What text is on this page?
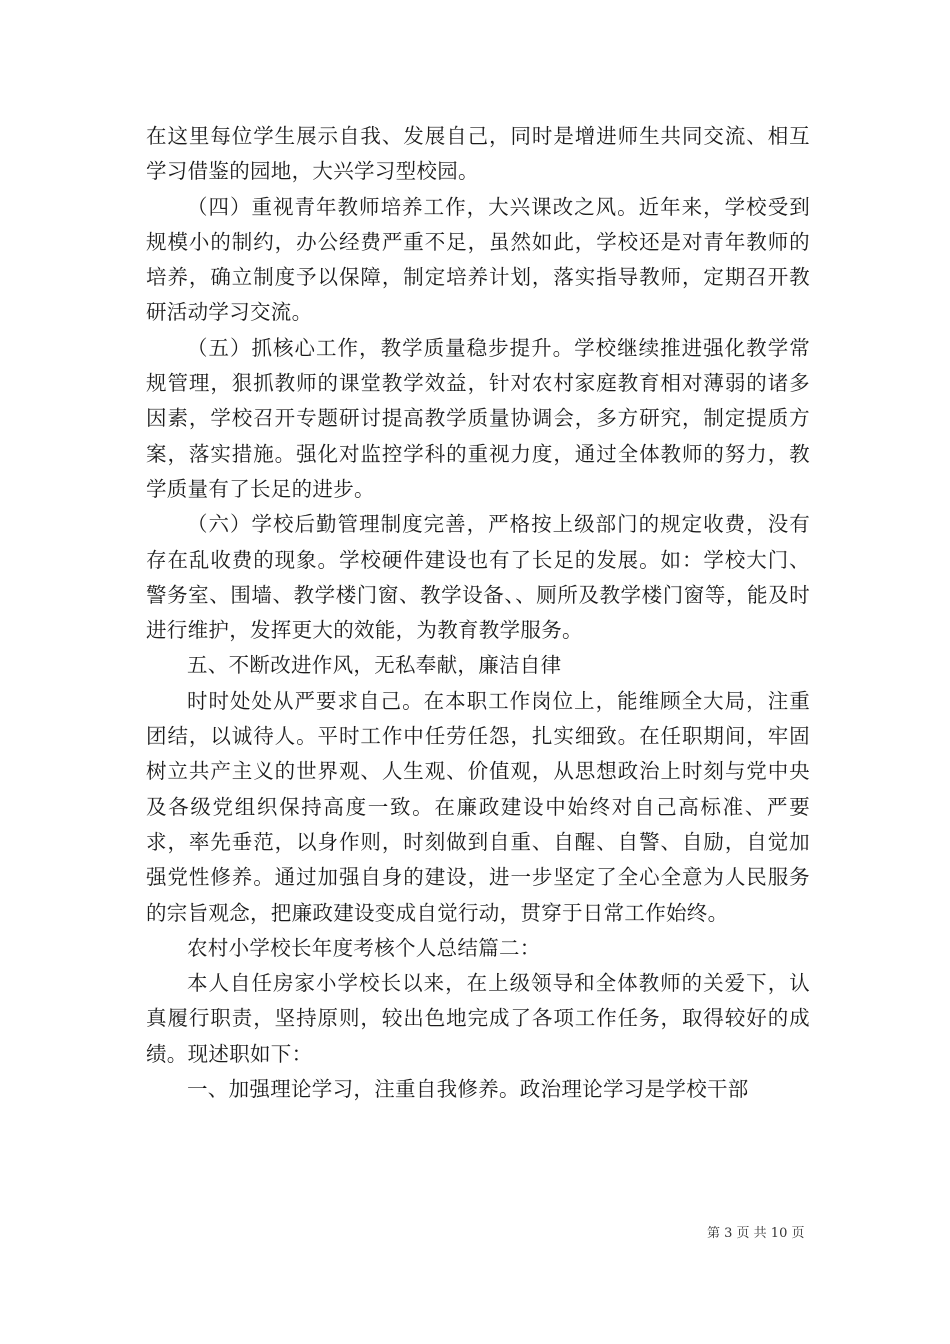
在这里每位学生展示自我、发展自己，同时是增进师生共同交流、相互学习借鉴的园地，大兴学习型校园。

（四）重视青年教师培养工作，大兴课改之风。近年来，学校受到规模小的制约，办公经费严重不足，虽然如此，学校还是对青年教师的培养，确立制度予以保障，制定培养计划，落实指导教师，定期召开教研活动学习交流。

（五）抓核心工作，教学质量稳步提升。学校继续推进强化教学常规管理，狠抓教师的课堂教学效益，针对农村家庭教育相对薄弱的诸多因素，学校召开专题研讨提高教学质量协调会，多方研究，制定提质方案，落实措施。强化对监控学科的重视力度，通过全体教师的努力，教学质量有了长足的进步。

（六）学校后勤管理制度完善，严格按上级部门的规定收费，没有存在乱收费的现象。学校硬件建设也有了长足的发展。如：学校大门、警务室、围墙、教学楼门窗、教学设备、、厕所及教学楼门窗等，能及时进行维护，发挥更大的效能，为教育教学服务。

五、不断改进作风，无私奉献，廉洁自律

时时处处从严要求自己。在本职工作岗位上，能维顾全大局，注重团结，以诚待人。平时工作中任劳任怨，扎实细致。在任职期间，牢固树立共产主义的世界观、人生观、价值观，从思想政治上时刻与党中央及各级党组织保持高度一致。在廉政建设中始终对自己高标准、严要求，率先垂范，以身作则，时刻做到自重、自醒、自警、自励，自觉加强党性修养。通过加强自身的建设，进一步坚定了全心全意为人民服务的宗旨观念，把廉政建设变成自觉行动，贯穿于日常工作始终。

农村小学校长年度考核个人总结篇二：

本人自任房家小学校长以来，在上级领导和全体教师的关爱下，认真履行职责，坚持原则，较出色地完成了各项工作任务，取得较好的成绩。现述职如下：

一、加强理论学习，注重自我修养。政治理论学习是学校干部

第 3 页 共 10 页
